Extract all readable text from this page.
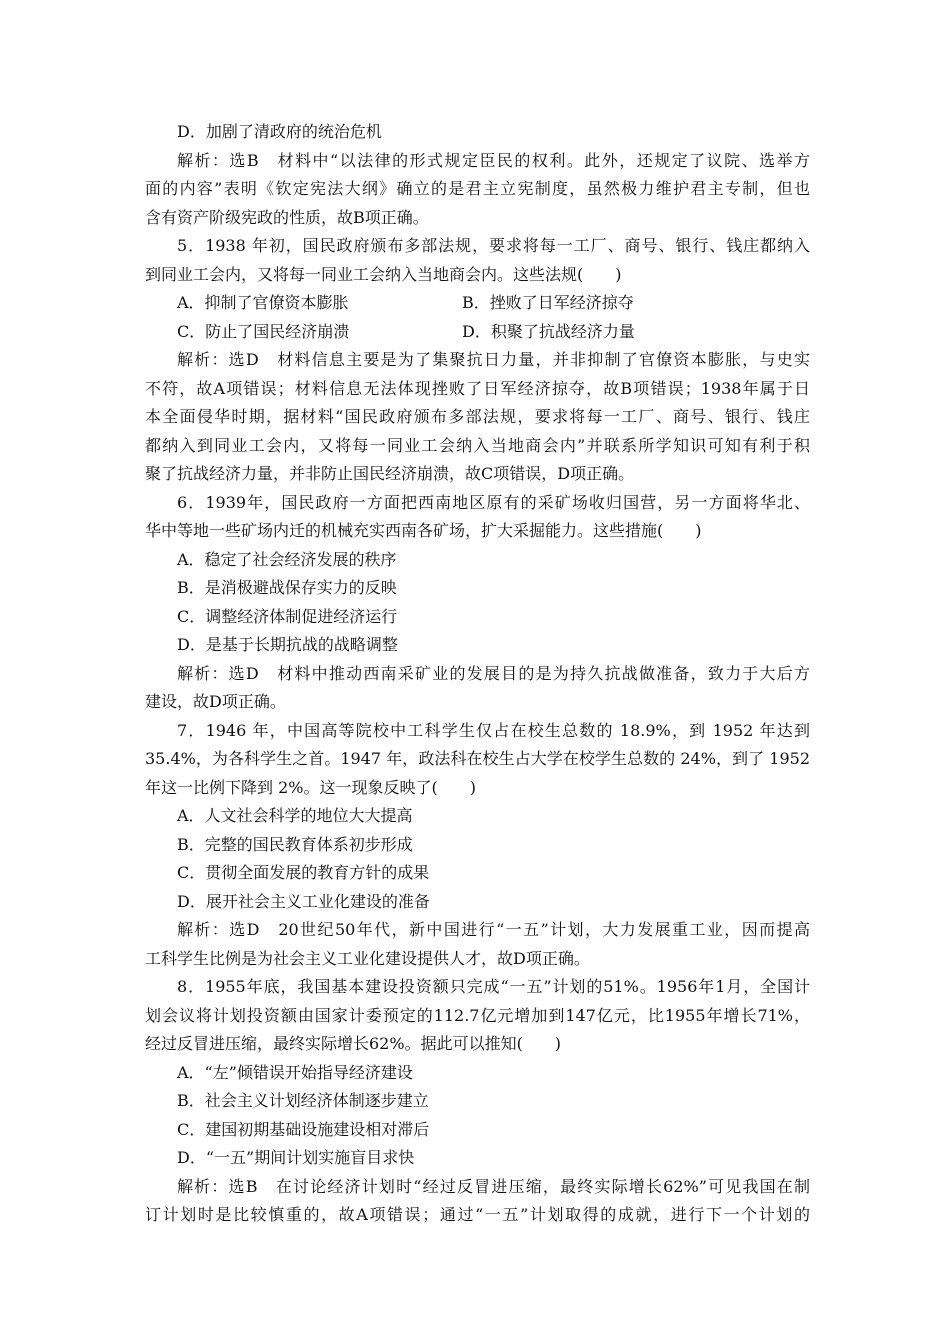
D．加剧了清政府的统治危机
解析：选B　材料中“以法律的形式规定臣民的权利。此外，还规定了议院、选举方
面的内容”表明《钦定宪法大纲》确立的是君主立宪制度，虽然极力维护君主专制，但也
含有资产阶级宪政的性质，故B项正确。
5．1938 年初，国民政府颁布多部法规，要求将每一工厂、商号、银行、钱庄都纳入
到同业工会内，又将每一同业工会纳入当地商会内。这些法规(　　)
A．抑制了官僚资本膨胀	B．挫败了日军经济掠夺
C．防止了国民经济崩溃	D．积聚了抗战经济力量
解析：选D　材料信息主要是为了集聚抗日力量，并非抑制了官僚资本膨胀，与史实
不符，故A项错误；材料信息无法体现挫败了日军经济掠夺，故B项错误；1938年属于日
本全面侵华时期，据材料“国民政府颁布多部法规，要求将每一工厂、商号、银行、钱庄
都纳入到同业工会内，又将每一同业工会纳入当地商会内”并联系所学知识可知有利于积
聚了抗战经济力量，并非防止国民经济崩溃，故C项错误，D项正确。
6．1939年，国民政府一方面把西南地区原有的采矿场收归国营，另一方面将华北、
华中等地一些矿场内迁的机械充实西南各矿场，扩大采掘能力。这些措施(　　)
A．稳定了社会经济发展的秩序
B．是消极避战保存实力的反映
C．调整经济体制促进经济运行
D．是基于长期抗战的战略调整
解析：选D　材料中推动西南采矿业的发展目的是为持久抗战做准备，致力于大后方
建设，故D项正确。
7．1946 年，中国高等院校中工科学生仅占在校生总数的 18.9%，到 1952 年达到
35.4%，为各科学生之首。1947 年，政法科在校生占大学在校学生总数的 24%，到了 1952
年这一比例下降到 2%。这一现象反映了(　　)
A．人文社会科学的地位大大提高
B．完整的国民教育体系初步形成
C．贯彻全面发展的教育方针的成果
D．展开社会主义工业化建设的准备
解析：选D　20世纪50年代，新中国进行“一五”计划，大力发展重工业，因而提高
工科学生比例是为社会主义工业化建设提供人才，故D项正确。
8．1955年底，我国基本建设投资额只完成“一五”计划的51%。1956年1月，全国计
划会议将计划投资额由国家计委预定的112.7亿元增加到147亿元，比1955年增长71%，
经过反冒进压缩，最终实际增长62%。据此可以推知(　　)
A．“左”倾错误开始指导经济建设
B．社会主义计划经济体制逐步建立
C．建国初期基础设施建设相对滞后
D．“一五”期间计划实施盲目求快
解析：选B　在讨论经济计划时“经过反冒进压缩，最终实际增长62%”可见我国在制
订计划时是比较慎重的，故A项错误；通过“一五”计划取得的成就，进行下一个计划的
